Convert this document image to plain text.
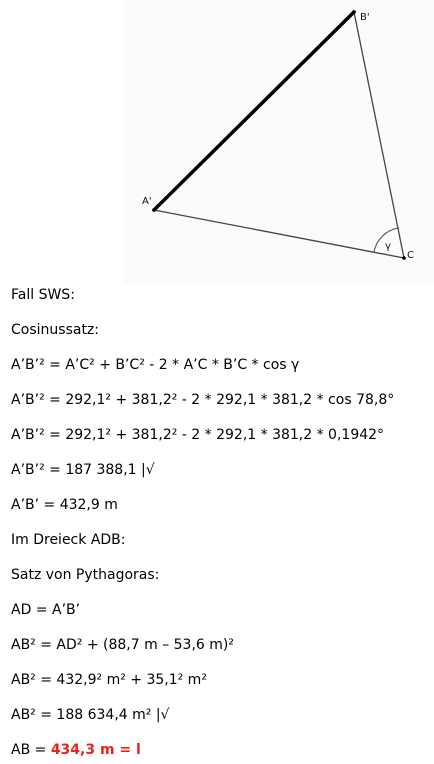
B'
A'
C
γ
Fall SWS:
Cosinussatz:
A’B’² = A’C² + B’C² - 2 * A’C * B’C * cos γ
A’B’² = 292,1² + 381,2² - 2 * 292,1 * 381,2 * cos 78,8°
A’B’² = 292,1² + 381,2² - 2 * 292,1 * 381,2 * 0,1942°
A’B’² = 187 388,1 |√
A’B’ = 432,9 m
Im Dreieck ADB:
Satz von Pythagoras:
AD = A’B’
AB² = AD² + (88,7 m – 53,6 m)²
AB² = 432,9² m² + 35,1² m²
AB² = 188 634,4 m² |√
AB = 434,3 m = l
